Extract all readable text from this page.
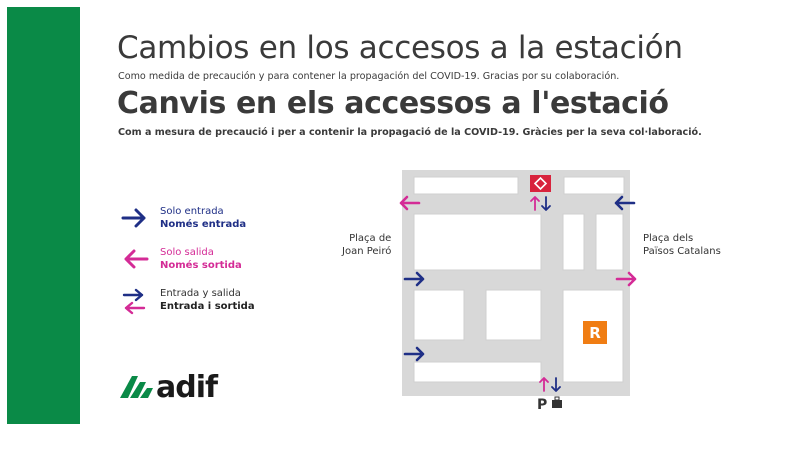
Cambios en los accesos a la estación
Como medida de precaución y para contener la propagación del COVID-19. Gracias por su colaboración.
Canvis en els accessos a l'estació
Com a mesura de precaució i per a contenir la propagació de la COVID-19. Gràcies per la seva col·laboració.
Solo entrada
Només entrada
Solo salida
Només sortida
Entrada y salida
Entrada i sortida
adif
R
P
Plaça de
Joan Peiró
Plaça dels
Països Catalans
